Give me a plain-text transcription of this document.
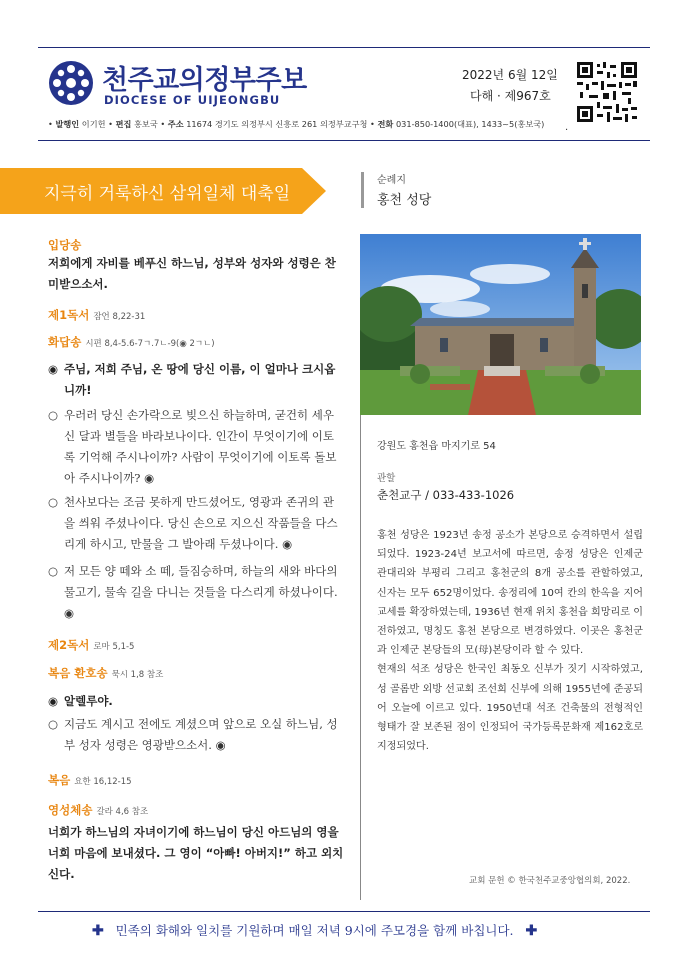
천주교의정부주보
DIOCESE OF UIJEONGBU
2022년 6월 12일
다해 · 제967호
• 발행인 이기헌 • 편집 홍보국 • 주소 11674 경기도 의정부시 신흥로 261 의정부교구청 • 전화 031-850-1400(대표), 1433~5(홍보국) .
지극히 거룩하신 삼위일체 대축일
입당송
저희에게 자비를 베푸신 하느님, 성부와 성자와 성령은 찬미받으소서.
제1독서 잠언 8,22-31
화답송 시편 8,4-5.6-7ㄱ.7ㄴ-9(◉ 2ㄱㄴ)
◉ 주님, 저희 주님, 온 땅에 당신 이름, 이 얼마나 크시옵니까!
○ 우러러 당신 손가락으로 빚으신 하늘하며, 굳건히 세우신 달과 별들을 바라보나이다. 인간이 무엇이기에 이토록 기억해 주시나이까? 사람이 무엇이기에 이토록 돌보아 주시나이까? ◉
○ 천사보다는 조금 못하게 만드셨어도, 영광과 존귀의 관을 씌워 주셨나이다. 당신 손으로 지으신 작품들을 다스리게 하시고, 만물을 그 발아래 두셨나이다. ◉
○ 저 모든 양 떼와 소 떼, 들짐승하며, 하늘의 새와 바다의 물고기, 물속 길을 다니는 것들을 다스리게 하셨나이다. ◉
제2독서 로마 5,1-5
복음 환호송 묵시 1,8 참조
◉ 알렐루야.
○ 지금도 계시고 전에도 계셨으며 앞으로 오실 하느님, 성부 성자 성령은 영광받으소서. ◉
복음 요한 16,12-15
영성체송 갈라 4,6 참조
너희가 하느님의 자녀이기에 하느님이 당신 아드님의 영을 너희 마음에 보내셨다. 그 영이 “아빠! 아버지!” 하고 외치신다.
순례지
홍천 성당
강원도 홍천읍 마지기로 54
관할
춘천교구 / 033-433-1026

홍천 성당은 1923년 송정 공소가 본당으로 승격하면서 설립되었다. 1923-24년 보고서에 따르면, 송정 성당은 인제군 관대리와 부평리 그리고 홍천군의 8개 공소를 관할하였고, 신자는 모두 652명이었다. 송정리에 10여 칸의 한옥을 지어 교세를 확장하였는데, 1936년 현재 위치 홍천읍 희망리로 이전하였고, 명칭도 홍천 본당으로 변경하였다. 이곳은 홍천군과 인제군 본당들의 모(母)본당이라 할 수 있다.

현재의 석조 성당은 한국인 최동오 신부가 짓기 시작하였고, 성 골롬반 외방 선교회 조선희 신부에 의해 1955년에 준공되어 오늘에 이르고 있다. 1950년대 석조 건축물의 전형적인 형태가 잘 보존된 점이 인정되어 국가등록문화재 제162호로 지정되었다.

교회 문헌 © 한국천주교중앙협의회, 2022.
✚ 민족의 화해와 일치를 기원하며 매일 저녁 9시에 주모경을 함께 바칩니다. ✚
